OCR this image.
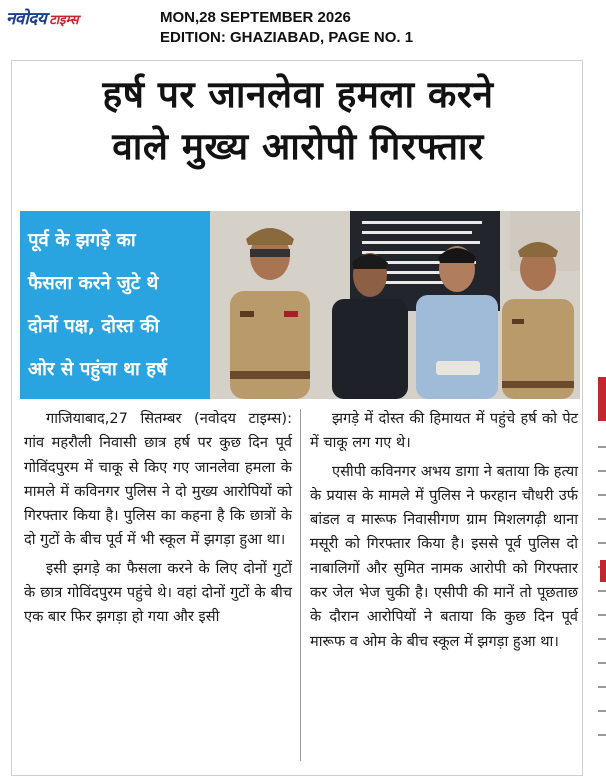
नवोदय टाइम्स	MON,28 SEPTEMBER 2026
EDITION: GHAZIABAD, PAGE NO. 1
हर्ष पर जानलेवा हमला करने
वाले मुख्य आरोपी गिरफ्तार
पूर्व के झगड़े का
फैसला करने जुटे थे
दोनों पक्ष, दोस्त की
ओर से पहुंचा था हर्ष

गाजियाबाद,27 सितम्बर (नवोदय टाइम्स): गांव महरौली निवासी छात्र हर्ष पर कुछ दिन पूर्व गोविंदपुरम में चाकू से किए गए जानलेवा हमला के मामले में कविनगर पुलिस ने दो मुख्य आरोपियों को गिरफ्तार किया है। पुलिस का कहना है कि छात्रों के दो गुटों के बीच पूर्व में भी स्कूल में झगड़ा हुआ था।

इसी झगड़े का फैसला करने के लिए दोनों गुटों के छात्र गोविंदपुरम पहुंचे थे। वहां दोनों गुटों के बीच एक बार फिर झगड़ा हो गया और इसी

झगड़े में दोस्त की हिमायत में पहुंचे हर्ष को पेट में चाकू लग गए थे।

एसीपी कविनगर अभय डागा ने बताया कि हत्या के प्रयास के मामले में पुलिस ने फरहान चौधरी उर्फ बांडल व मारूफ निवासीगण ग्राम मिशलगढ़ी थाना मसूरी को गिरफ्तार किया है। इससे पूर्व पुलिस दो नाबालिगों और सुमित नामक आरोपी को गिरफ्तार कर जेल भेज चुकी है। एसीपी की मानें तो पूछताछ के दौरान आरोपियों ने बताया कि कुछ दिन पूर्व मारूफ व ओम के बीच स्कूल में झगड़ा हुआ था।
